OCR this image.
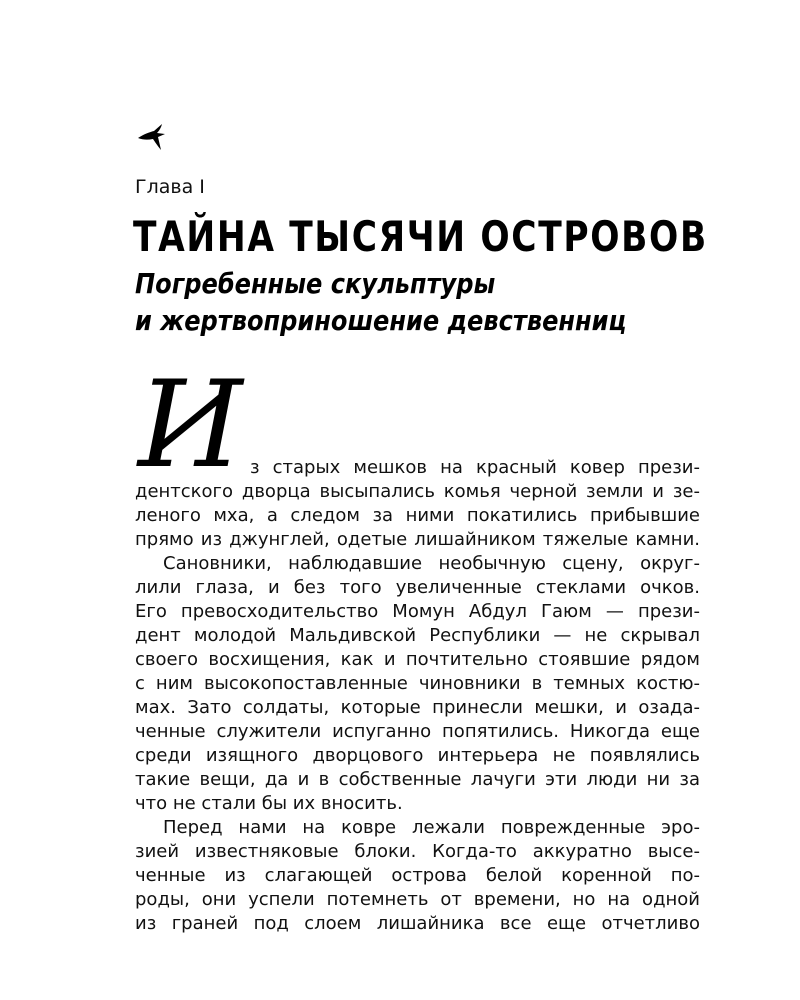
Глава I
ТАЙНА ТЫСЯЧИ ОСТРОВОВ
Погребенные скульптуры
и жертвоприношение девственниц
И з старых мешков на красный ковер прези-
дентского дворца высыпались комья черной земли и зе-
леного мха, а следом за ними покатились прибывшие
прямо из джунглей, одетые лишайником тяжелые камни.
Сановники, наблюдавшие необычную сцену, округ-
лили глаза, и без того увеличенные стеклами очков.
Его превосходительство Момун Абдул Гаюм — прези-
дент молодой Мальдивской Республики — не скрывал
своего восхищения, как и почтительно стоявшие рядом
с ним высокопоставленные чиновники в темных костю-
мах. Зато солдаты, которые принесли мешки, и озада-
ченные служители испуганно попятились. Никогда еще
среди изящного дворцового интерьера не появлялись
такие вещи, да и в собственные лачуги эти люди ни за
что не стали бы их вносить.
Перед нами на ковре лежали поврежденные эро-
зией известняковые блоки. Когда-то аккуратно высе-
ченные из слагающей острова белой коренной по-
роды, они успели потемнеть от времени, но на одной
из граней под слоем лишайника все еще отчетливо
